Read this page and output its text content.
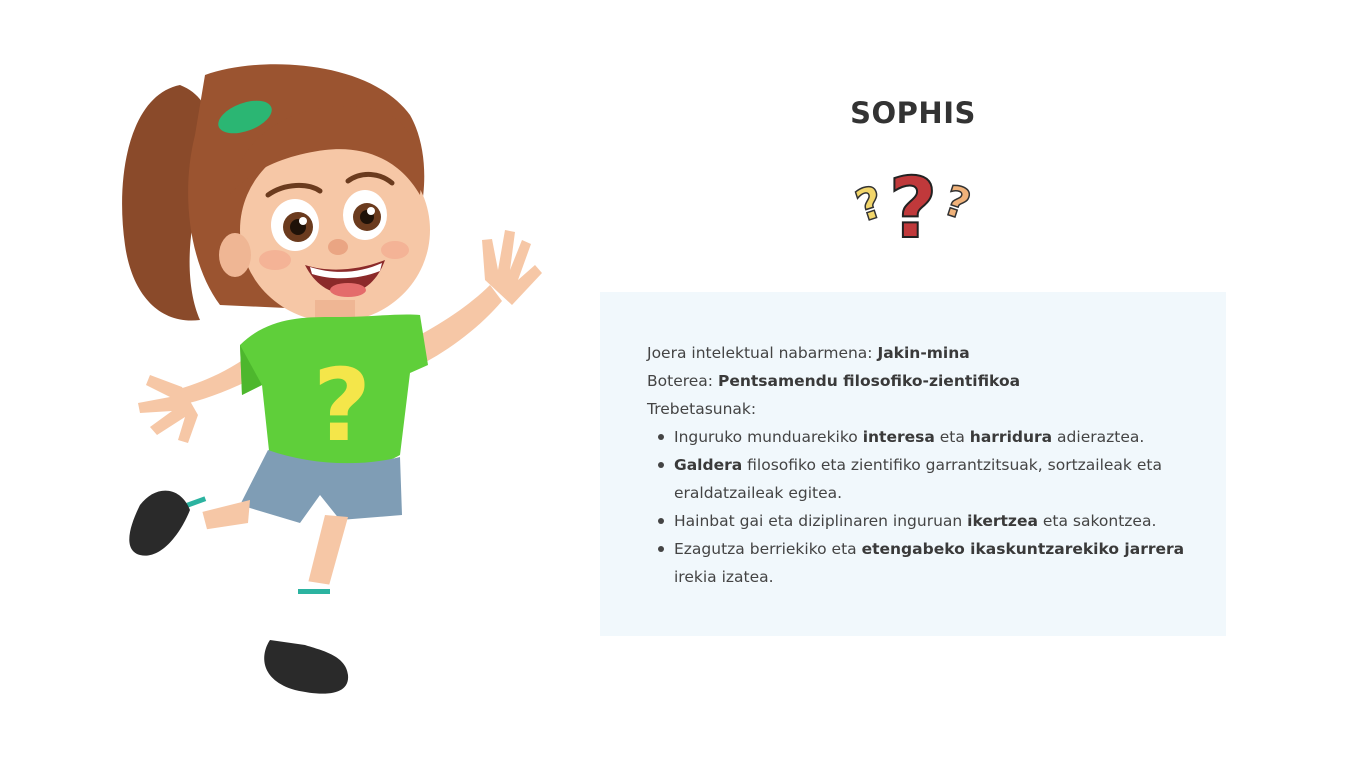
?
SOPHIS
?
? ?

Joera intelektual nabarmena: Jakin-mina

Boterea: Pentsamendu filosofiko-zientifikoa

Trebetasunak:

Inguruko munduarekiko interesa eta harridura adieraztea.
Galdera filosofiko eta zientifiko garrantzitsuak, sortzaileak eta eraldatzaileak egitea.
Hainbat gai eta diziplinaren inguruan ikertzea eta sakontzea.
Ezagutza berriekiko eta etengabeko ikaskuntzarekiko jarrera irekia izatea.
